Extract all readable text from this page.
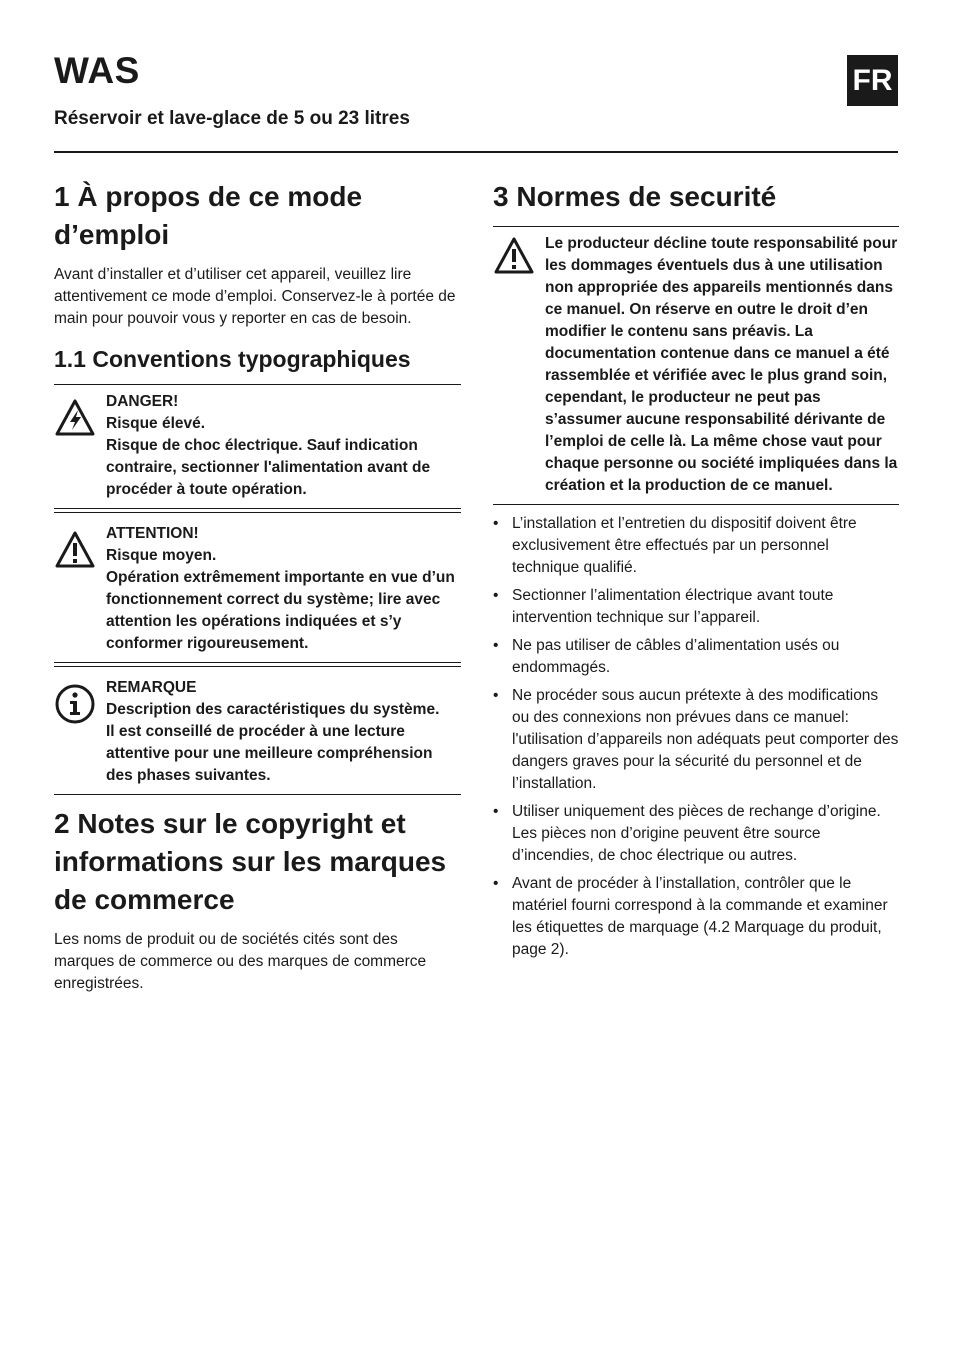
WAS	FR
Réservoir et lave-glace de 5 ou 23 litres
1 À propos de ce mode d’emploi

Avant d’installer et d’utiliser cet appareil, veuillez lire attentivement ce mode d’emploi. Conservez-le à portée de main pour pouvoir vous y reporter en cas de besoin.

1.1 Conventions typographiques
DANGER!
Risque élevé.
Risque de choc électrique. Sauf indication contraire, sectionner l'alimentation avant de procéder à toute opération.
ATTENTION!
Risque moyen.
Opération extrêmement importante en vue d’un fonctionnement correct du système; lire avec attention les opérations indiquées et s’y conformer rigoureusement.
REMARQUE
Description des caractéristiques du système.
Il est conseillé de procéder à une lecture attentive pour une meilleure compréhension des phases suivantes.
2 Notes sur le copyright et informations sur les marques de commerce

Les noms de produit ou de sociétés cités sont des marques de commerce ou des marques de commerce enregistrées.

3 Normes de securité
Le producteur décline toute responsabilité pour les dommages éventuels dus à une utilisation non appropriée des appareils mentionnés dans ce manuel. On réserve en outre le droit d’en modifier le contenu sans préavis. La documentation contenue dans ce manuel a été rassemblée et vérifiée avec le plus grand soin, cependant, le producteur ne peut pas s’assumer aucune responsabilité dérivante de l’emploi de celle là. La même chose vaut pour chaque personne ou société impliquées dans la création et la production de ce manuel.
• L’installation et l’entretien du dispositif doivent être exclusivement être effectués par un personnel technique qualifié.
• Sectionner l’alimentation électrique avant toute intervention technique sur l’appareil.
• Ne pas utiliser de câbles d’alimentation usés ou endommagés.
• Ne procéder sous aucun prétexte à des modifications ou des connexions non prévues dans ce manuel: l'utilisation d’appareils non adéquats peut comporter des dangers graves pour la sécurité du personnel et de l’installation.
• Utiliser uniquement des pièces de rechange d’origine. Les pièces non d’origine peuvent être source d’incendies, de choc électrique ou autres.
• Avant de procéder à l’installation, contrôler que le matériel fourni correspond à la commande et examiner les étiquettes de marquage (4.2 Marquage du produit, page 2).
